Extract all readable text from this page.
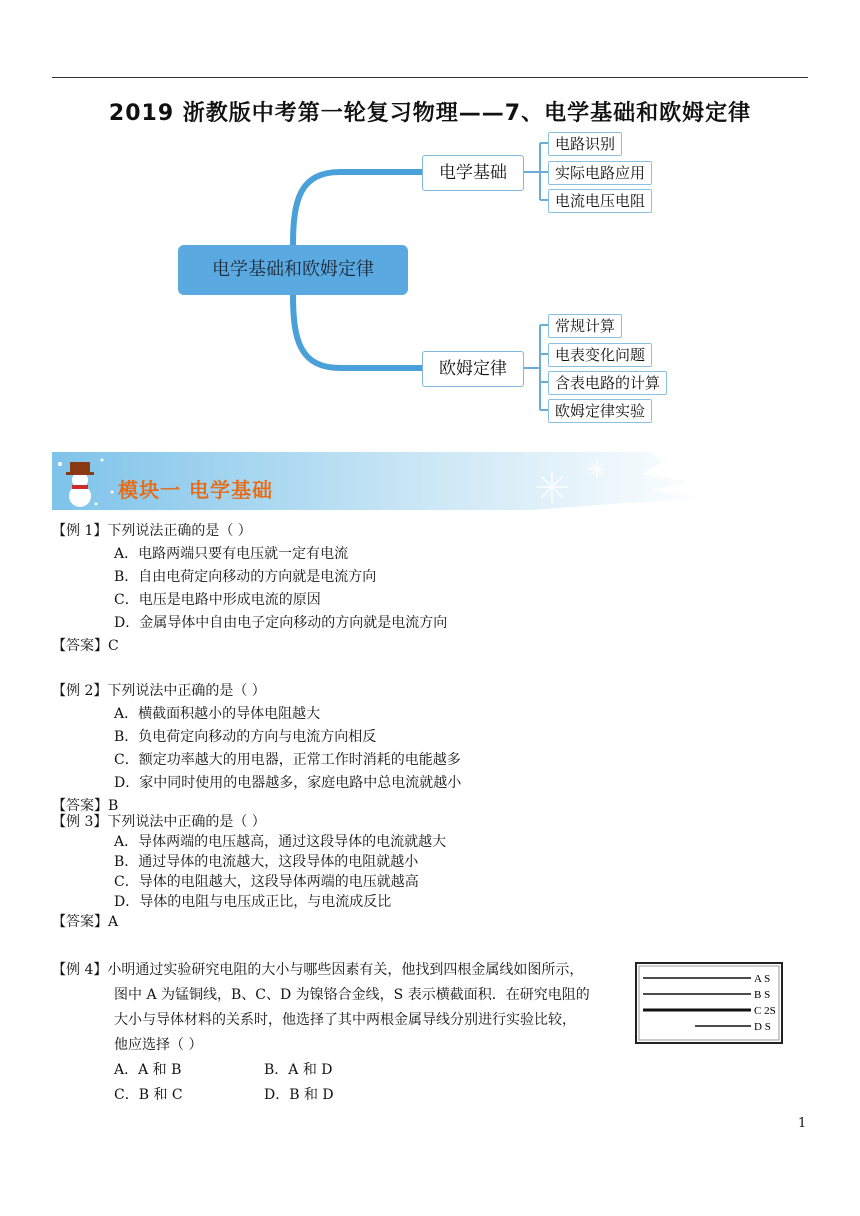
2019 浙教版中考第一轮复习物理——7、电学基础和欧姆定律
电学基础和欧姆定律
电学基础
欧姆定律
电路识别
实际电路应用
电流电压电阻
常规计算
电表变化问题
含表电路的计算
欧姆定律实验
模块一 电学基础
【例 1】下列说法正确的是（ ）
A．电路两端只要有电压就一定有电流
B．自由电荷定向移动的方向就是电流方向
C．电压是电路中形成电流的原因
D．金属导体中自由电子定向移动的方向就是电流方向
【答案】C
【例 2】下列说法中正确的是（ ）
A．横截面积越小的导体电阻越大
B．负电荷定向移动的方向与电流方向相反
C．额定功率越大的用电器，正常工作时消耗的电能越多
D．家中同时使用的电器越多，家庭电路中总电流就越小
【答案】B
【例 3】下列说法中正确的是（ ）
A．导体两端的电压越高，通过这段导体的电流就越大
B．通过导体的电流越大，这段导体的电阻就越小
C．导体的电阻越大，这段导体两端的电压就越高
D．导体的电阻与电压成正比，与电流成反比
【答案】A
【例 4】小明通过实验研究电阻的大小与哪些因素有关，他找到四根金属线如图所示，
图中 A 为锰铜线，B、C、D 为镍铬合金线，S 表示横截面积．在研究电阻的
大小与导体材料的关系时，他选择了其中两根金属导线分别进行实验比较，
他应选择（ ）
A．A 和 B	B．A 和 D
C．B 和 C	D．B 和 D
A S
B S
C 2S
D S
1
